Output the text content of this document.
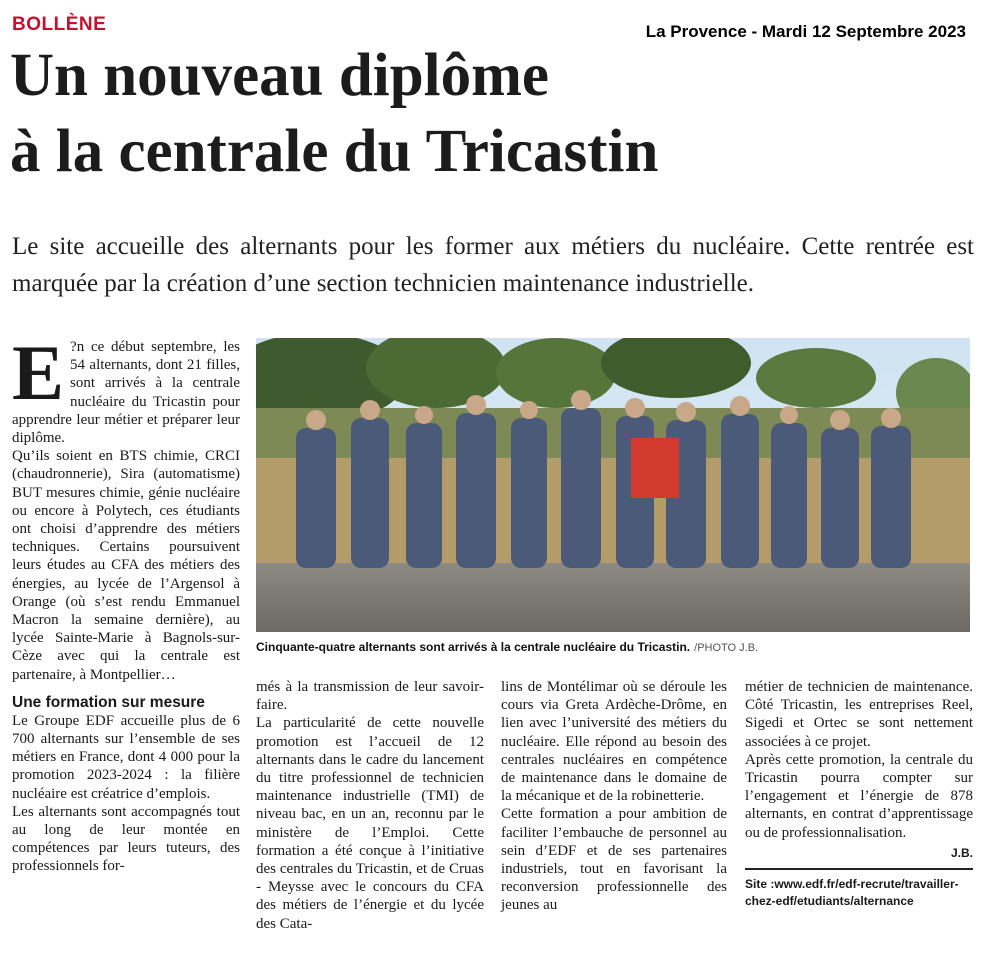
BOLLÈNE	La Provence - Mardi 12 Septembre 2023
Un nouveau diplôme
à la centrale du Tricastin

Le site accueille des alternants pour les former aux métiers du nucléaire. Cette rentrée est marquée par la création d’une section technicien maintenance industrielle.

E ?n ce début septembre, les 54 alternants, dont 21 filles, sont arrivés à la centrale nucléaire du Tricastin pour apprendre leur métier et préparer leur diplôme.

Qu’ils soient en BTS chimie, CRCI (chaudronnerie), Sira (automatisme) BUT mesures chimie, génie nucléaire ou encore à Polytech, ces étudiants ont choisi d’apprendre des métiers techniques. Certains poursuivent leurs études au CFA des métiers des énergies, au lycée de l’Argensol à Orange (où s’est rendu Emmanuel Macron la semaine dernière), au lycée Sainte-Marie à Bagnols-sur-Cèze avec qui la centrale est partenaire, à Montpellier…

Une formation sur mesure

Le Groupe EDF accueille plus de 6 700 alternants sur l’ensemble de ses métiers en France, dont 4 000 pour la promotion 2023-2024 : la filière nucléaire est créatrice d’emplois.

Les alternants sont accompagnés tout au long de leur montée en compétences par leurs tuteurs, des professionnels for-

Cinquante-quatre alternants sont arrivés à la centrale nucléaire du Tricastin. /PHOTO J.B.

més à la transmission de leur savoir-faire.

La particularité de cette nouvelle promotion est l’accueil de 12 alternants dans le cadre du lancement du titre professionnel de technicien maintenance industrielle (TMI) de niveau bac, en un an, reconnu par le ministère de l’Emploi. Cette formation a été conçue à l’initiative des centrales du Tricastin, et de Cruas - Meysse avec le concours du CFA des métiers de l’énergie et du lycée des Cata-

lins de Montélimar où se déroule les cours via Greta Ardèche-Drôme, en lien avec l’université des métiers du nucléaire. Elle répond au besoin des centrales nucléaires en compétence de maintenance dans le domaine de la mécanique et de la robinetterie.

Cette formation a pour ambition de faciliter l’embauche de personnel au sein d’EDF et de ses partenaires industriels, tout en favorisant la reconversion professionnelle des jeunes au

métier de technicien de maintenance. Côté Tricastin, les entreprises Reel, Sigedi et Ortec se sont nettement associées à ce projet.

Après cette promotion, la centrale du Tricastin pourra compter sur l’engagement et l’énergie de 878 alternants, en contrat d’apprentissage ou de professionnalisation.

J.B.

Site :www.edf.fr/edf-recrute/travailler-chez-edf/etudiants/alternance
